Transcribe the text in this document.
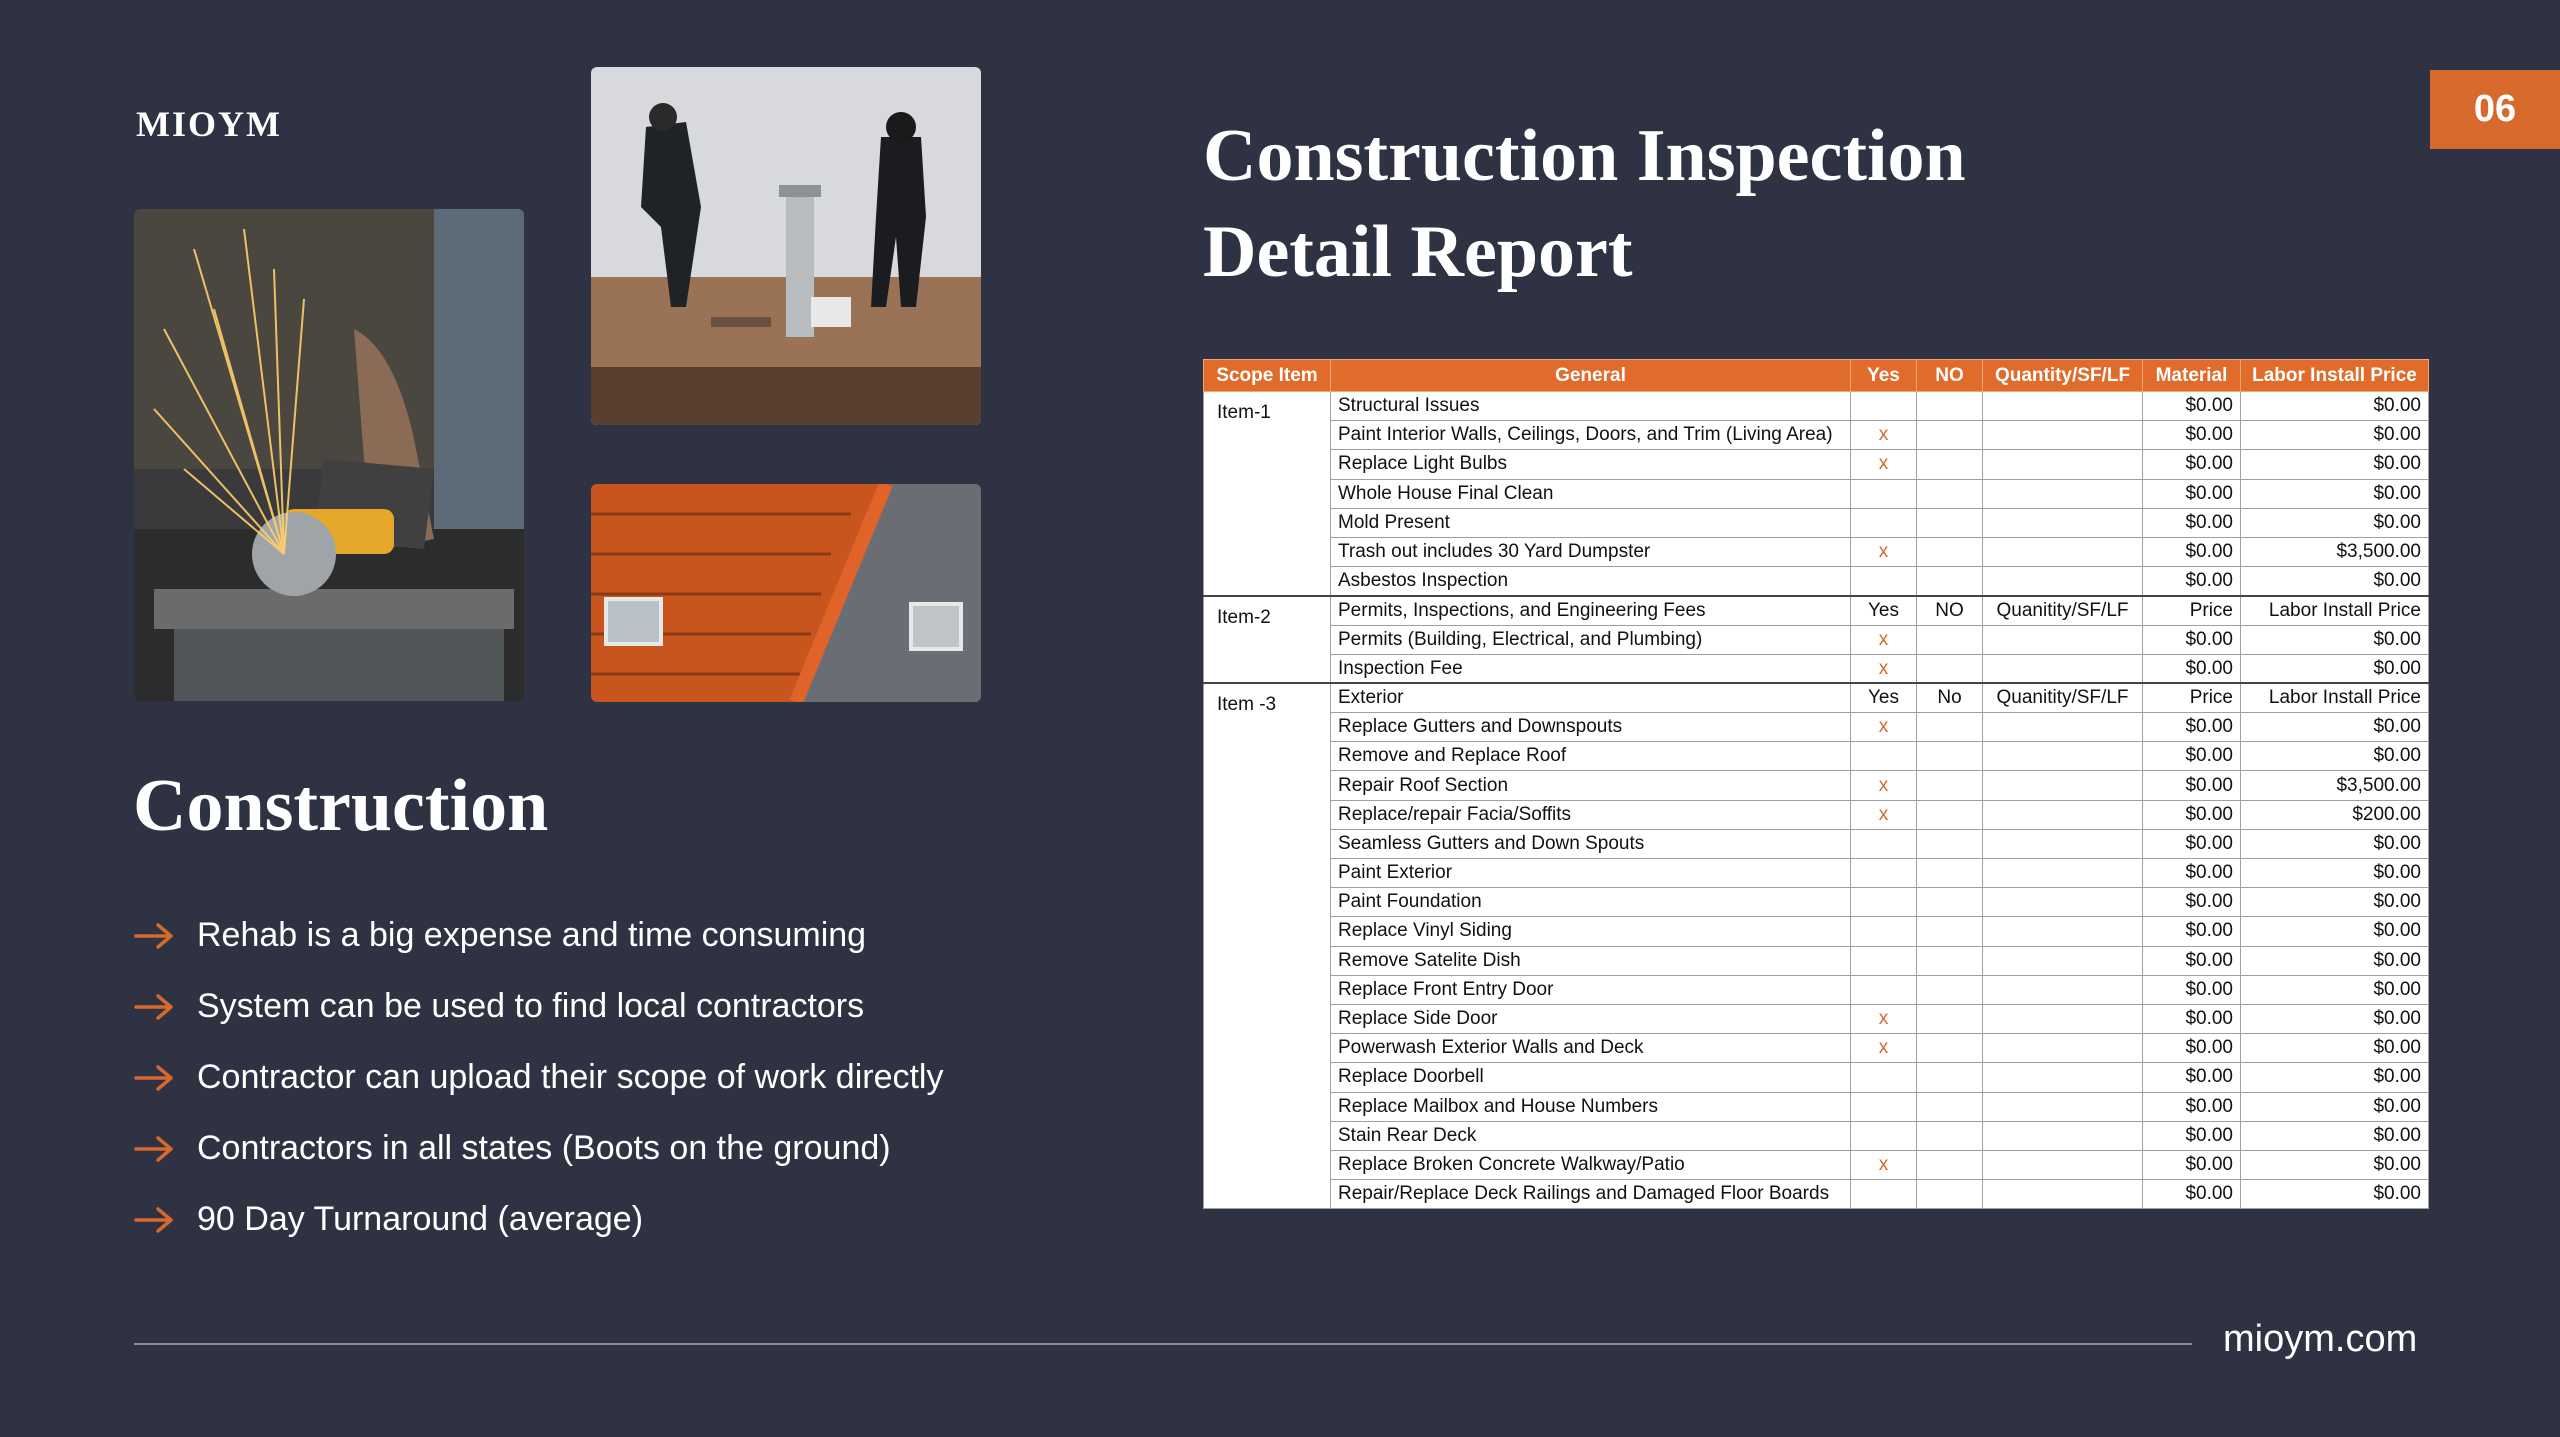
MIOYM
Construction
Rehab is a big expense and time consuming
System can be used to find local contractors
Contractor can upload their scope of work directly
Contractors in all states (Boots on the ground)
90 Day Turnaround (average)
Construction Inspection
Detail Report
06
Scope Item	General	Yes	NO	Quantity/SF/LF	Material	Labor Install Price
Item-1	Structural Issues				$0.00	$0.00
	Paint Interior Walls, Ceilings, Doors, and Trim (Living Area)	x			$0.00	$0.00
	Replace Light Bulbs	x			$0.00	$0.00
	Whole House Final Clean				$0.00	$0.00
	Mold Present				$0.00	$0.00
	Trash out includes 30 Yard Dumpster	x			$0.00	$3,500.00
	Asbestos Inspection				$0.00	$0.00
Item-2	Permits, Inspections, and Engineering Fees	Yes	NO	Quanitity/SF/LF	Price	Labor Install Price
	Permits (Building, Electrical, and Plumbing)	x			$0.00	$0.00
	Inspection Fee	x			$0.00	$0.00
Item -3	Exterior	Yes	No	Quanitity/SF/LF	Price	Labor Install Price
	Replace Gutters and Downspouts	x			$0.00	$0.00
	Remove and Replace Roof				$0.00	$0.00
	Repair Roof Section	x			$0.00	$3,500.00
	Replace/repair Facia/Soffits	x			$0.00	$200.00
	Seamless Gutters and Down Spouts				$0.00	$0.00
	Paint Exterior				$0.00	$0.00
	Paint Foundation				$0.00	$0.00
	Replace Vinyl Siding				$0.00	$0.00
	Remove Satelite Dish				$0.00	$0.00
	Replace Front Entry Door				$0.00	$0.00
	Replace Side Door	x			$0.00	$0.00
	Powerwash Exterior Walls and Deck	x			$0.00	$0.00
	Replace Doorbell				$0.00	$0.00
	Replace Mailbox and House Numbers				$0.00	$0.00
	Stain Rear Deck				$0.00	$0.00
	Replace Broken Concrete Walkway/Patio	x			$0.00	$0.00
	Repair/Replace Deck Railings and Damaged Floor Boards				$0.00	$0.00
mioym.com
